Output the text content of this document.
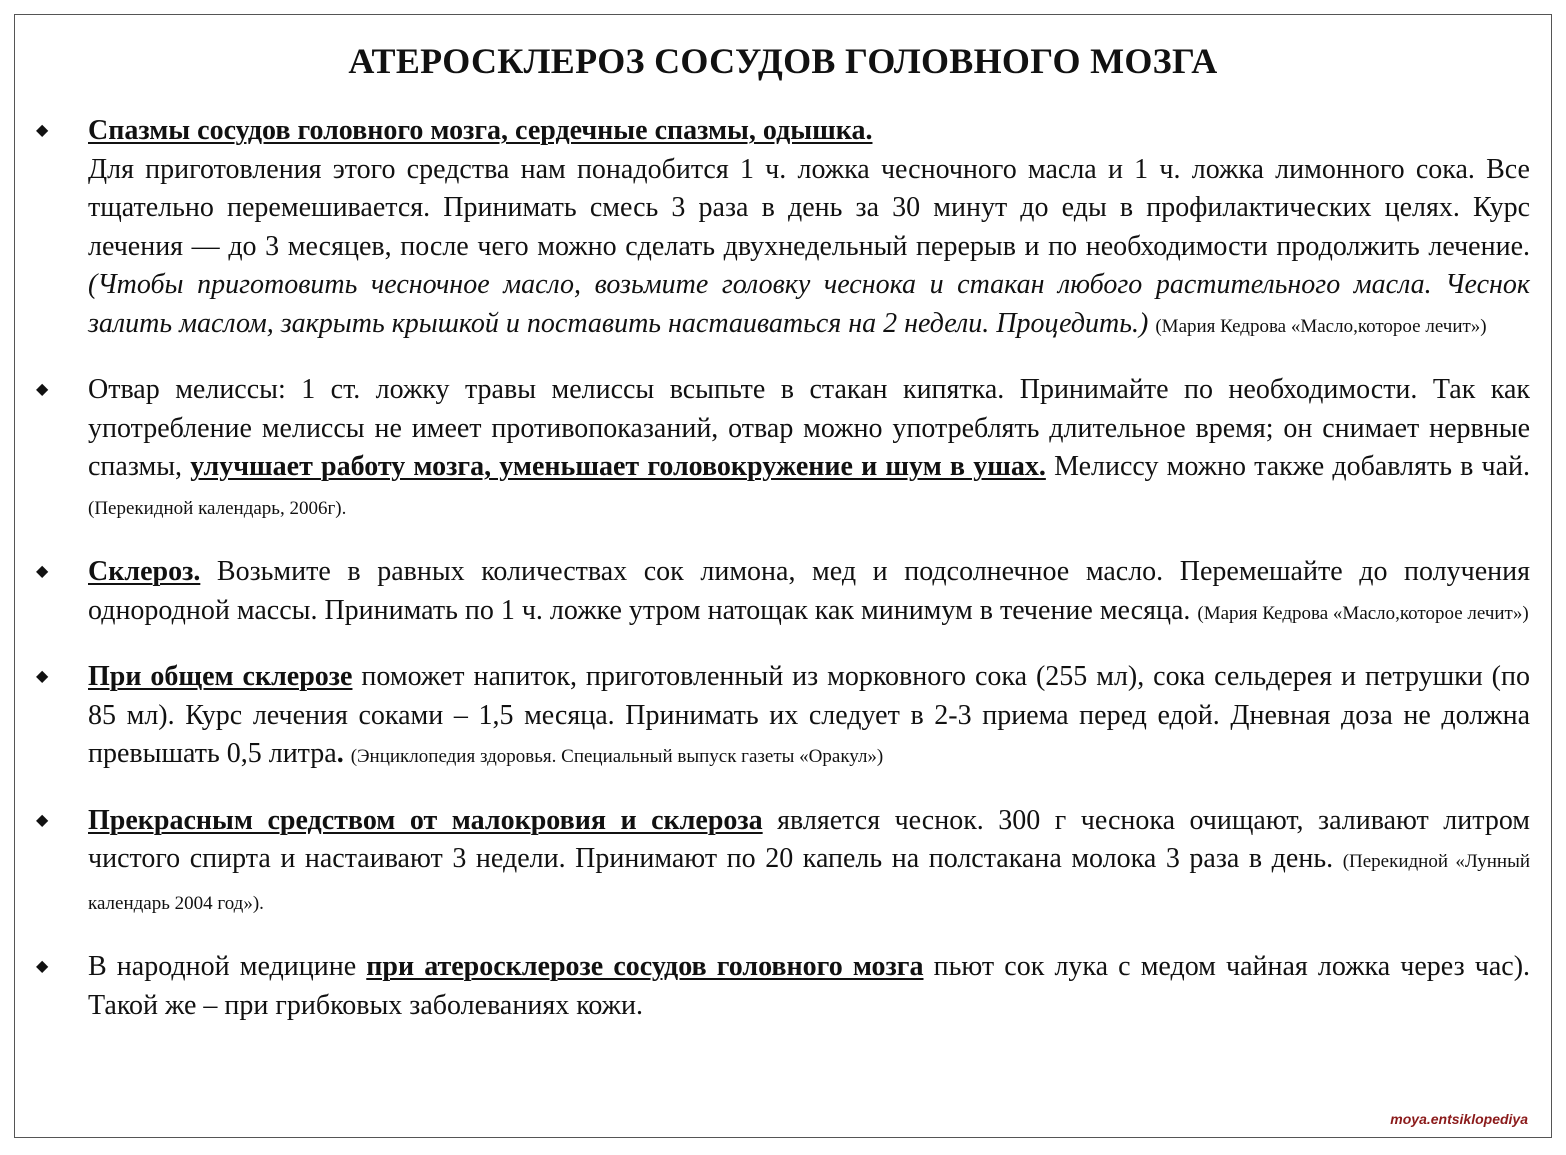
АТЕРОСКЛЕРОЗ СОСУДОВ ГОЛОВНОГО МОЗГА
◆ Спазмы сосудов головного мозга, сердечные спазмы, одышка.
Для приготовления этого средства нам понадобится 1 ч. ложка чесночного масла и 1 ч. ложка лимонного сока. Все тщательно перемешивается. Принимать смесь 3 раза в день за 30 минут до еды в профилактических целях. Курс лечения — до 3 месяцев, после чего можно сделать двухнедельный перерыв и по необходимости продолжить лечение. (Чтобы приготовить чесночное масло, возьмите головку чеснока и стакан любого растительного масла. Чеснок залить маслом, закрыть крышкой и поставить настаиваться на 2 недели. Процедить.) (Мария Кедрова «Масло,которое лечит»)
◆ Отвар мелиссы: 1 ст. ложку травы мелиссы всыпьте в стакан кипятка. Принимайте по необходимости. Так как употребление мелиссы не имеет противопоказаний, отвар можно употреблять длительное время; он снимает нервные спазмы, улучшает работу мозга, уменьшает головокружение и шум в ушах. Мелиссу можно также добавлять в чай. (Перекидной календарь, 2006г).
◆ Склероз. Возьмите в равных количествах сок лимона, мед и подсолнечное масло. Перемешайте до получения однородной массы. Принимать по 1 ч. ложке утром натощак как минимум в течение месяца. (Мария Кедрова «Масло,которое лечит»)
◆ При общем склерозе поможет напиток, приготовленный из морковного сока (255 мл), сока сельдерея и петрушки (по 85 мл). Курс лечения соками – 1,5 месяца. Принимать их следует в 2-3 приема перед едой. Дневная доза не должна превышать 0,5 литра. (Энциклопедия здоровья. Специальный выпуск газеты «Оракул»)
◆ Прекрасным средством от малокровия и склероза является чеснок. 300 г чеснока очищают, заливают литром чистого спирта и настаивают 3 недели. Принимают по 20 капель на полстакана молока 3 раза в день. (Перекидной «Лунный календарь 2004 год»).
◆ В народной медицине при атеросклерозе сосудов головного мозга пьют сок лука с медом чайная ложка через час). Такой же – при грибковых заболеваниях кожи.
moya.entsiklopediya
